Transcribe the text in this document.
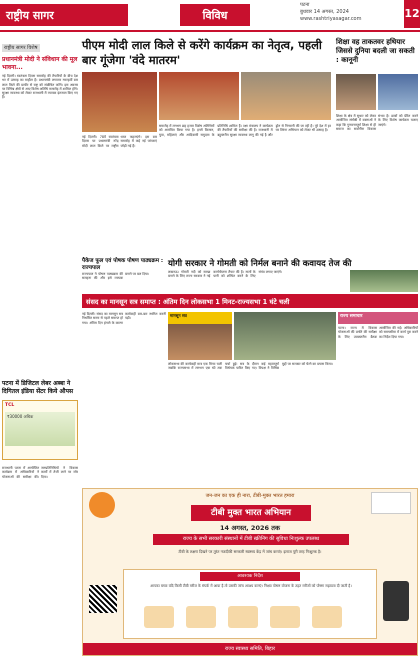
राष्ट्रीय सागर	विविध
पटना
बुधवार 14 अगस्त, 2024
www.rashtriyasagar.com	12
राष्ट्रीय सागर विशेष
प्रधानमंत्री मोदी ने संविधान की मूल भावना...
नई दिल्ली। स्वतंत्रता दिवस समारोह की तैयारियों के बीच देश भर में उत्साह का माहौल है। प्रधानमंत्री लगातार ग्यारहवीं बार लाल किले की प्राचीर से राष्ट्र को संबोधित करेंगे। इस अवसर पर विभिन्न क्षेत्रों से आए विशेष अतिथि समारोह में शामिल होंगे। सुरक्षा व्यवस्था को लेकर राजधानी में व्यापक इंतजाम किए गए हैं।
पीएम मोदी लाल किले से करेंगे कार्यक्रम का नेतृत्व, पहली बार गूंजेगा 'वंदे मातरम'
नई दिल्ली। 78वें स्वतंत्रता दिवस पर प्रधानमंत्री नरेंद्र मोदी लाल किले पर राष्ट्रीय ध्वज फहराएंगे। इस बार समारोह में कई नई परंपराएं जोड़ी गई हैं।
समारोह में लगभग छह हजार विशेष अतिथियों को आमंत्रित किया गया है। इनमें किसान, युवा, महिलाएं और आदिवासी समुदाय के प्रतिनिधि शामिल हैं। रक्षा मंत्रालय ने कार्यक्रम की तैयारियों की समीक्षा की है। राजधानी में बहुस्तरीय सुरक्षा व्यवस्था लागू की गई है और ड्रोन से निगरानी की जा रही है। पूरे देश में हर घर तिरंगा अभियान को लेकर भी उत्साह है।
शिक्षा वह ताकतवर हथियार जिससे दुनिया बदली जा सकती : कानूनी
शिक्षा के क्षेत्र में सुधार को लेकर आयोजित संगोष्ठी में वक्ताओं ने कहा कि गुणवत्तापूर्ण शिक्षा से ही समाज का सर्वांगीण विकास संभव है। छात्रों को प्रेरित करने के लिए विशेष कार्यक्रम चलाए जाएंगे।
पैकेज फूल एवं पोषक पोषण पाठ्यक्रम : राज्यपाल
राज्यपाल ने पोषण पाठ्यक्रम की सराहना की और इसे व्यापक बनाने पर बल दिया।
योगी सरकार ने गोमती को निर्मल बनाने की कवायद तेज की
लखनऊ। गोमती नदी को स्वच्छ बनाने के लिए राज्य सरकार ने नई कार्ययोजना तैयार की है। नालों के पानी को शोधित करने के लिए संयंत्र लगाए जाएंगे।
संसद का मानसून सत्र समाप्त : अंतिम दिन लोकसभा 1 मिनट-राज्यसभा 1 घंटे चली
मानसून सत्र
नई दिल्ली। संसद का मानसून सत्र निर्धारित समय से पहले समाप्त हो गया। अंतिम दिन हंगामे के कारण कार्यवाही बार-बार स्थगित करनी पड़ी।
लोकसभा की कार्यवाही मात्र एक मिनट चली जबकि राज्यसभा में लगभग एक घंटे तक चर्चा हुई। सत्र के दौरान कई महत्वपूर्ण विधेयक पारित किए गए। विपक्ष ने विभिन्न मुद्दों पर सरकार को घेरने का प्रयास किया।
राज्य समाचार
पटना। राज्य में विकास योजनाओं की प्रगति की समीक्षा के लिए उच्चस्तरीय बैठक आयोजित की गई। अधिकारियों को समयसीमा में कार्य पूरा करने का निर्देश दिया गया।
पटना में डिजिटल लेबर अब्बा ने दिगितल इंडिया सेंटर किये औपस
TCL
₹30000 अधिक
राजधानी पटना में आयोजित कार्यक्रम में अधिकारियों ने योजनाओं की समीक्षा की। जनप्रतिनिधियों ने विकास कार्यों में तेजी लाने पर जोर दिया।
जन-जन का एक ही नारा, टीबी-मुक्त भारत हमारा
टीबी मुक्त भारत अभियान
14 अगस्त, 2026 तक
राज्य के सभी सरकारी संस्थानों में टीबी स्क्रीनिंग की सुविधा निःशुल्क उपलब्ध
टीबी के लक्षण दिखने पर तुरंत नजदीकी सरकारी स्वास्थ्य केंद्र में जांच कराएं। इलाज पूरी तरह निःशुल्क है।
आवश्यक निर्देश
आपका बच्चा यदि किसी टीबी मरीज के संपर्क में आया है तो उसकी जांच अवश्य कराएं। निक्षय पोषण योजना के तहत मरीजों को पोषण सहायता दी जाती है।
राज्य स्वास्थ्य समिति, बिहार
